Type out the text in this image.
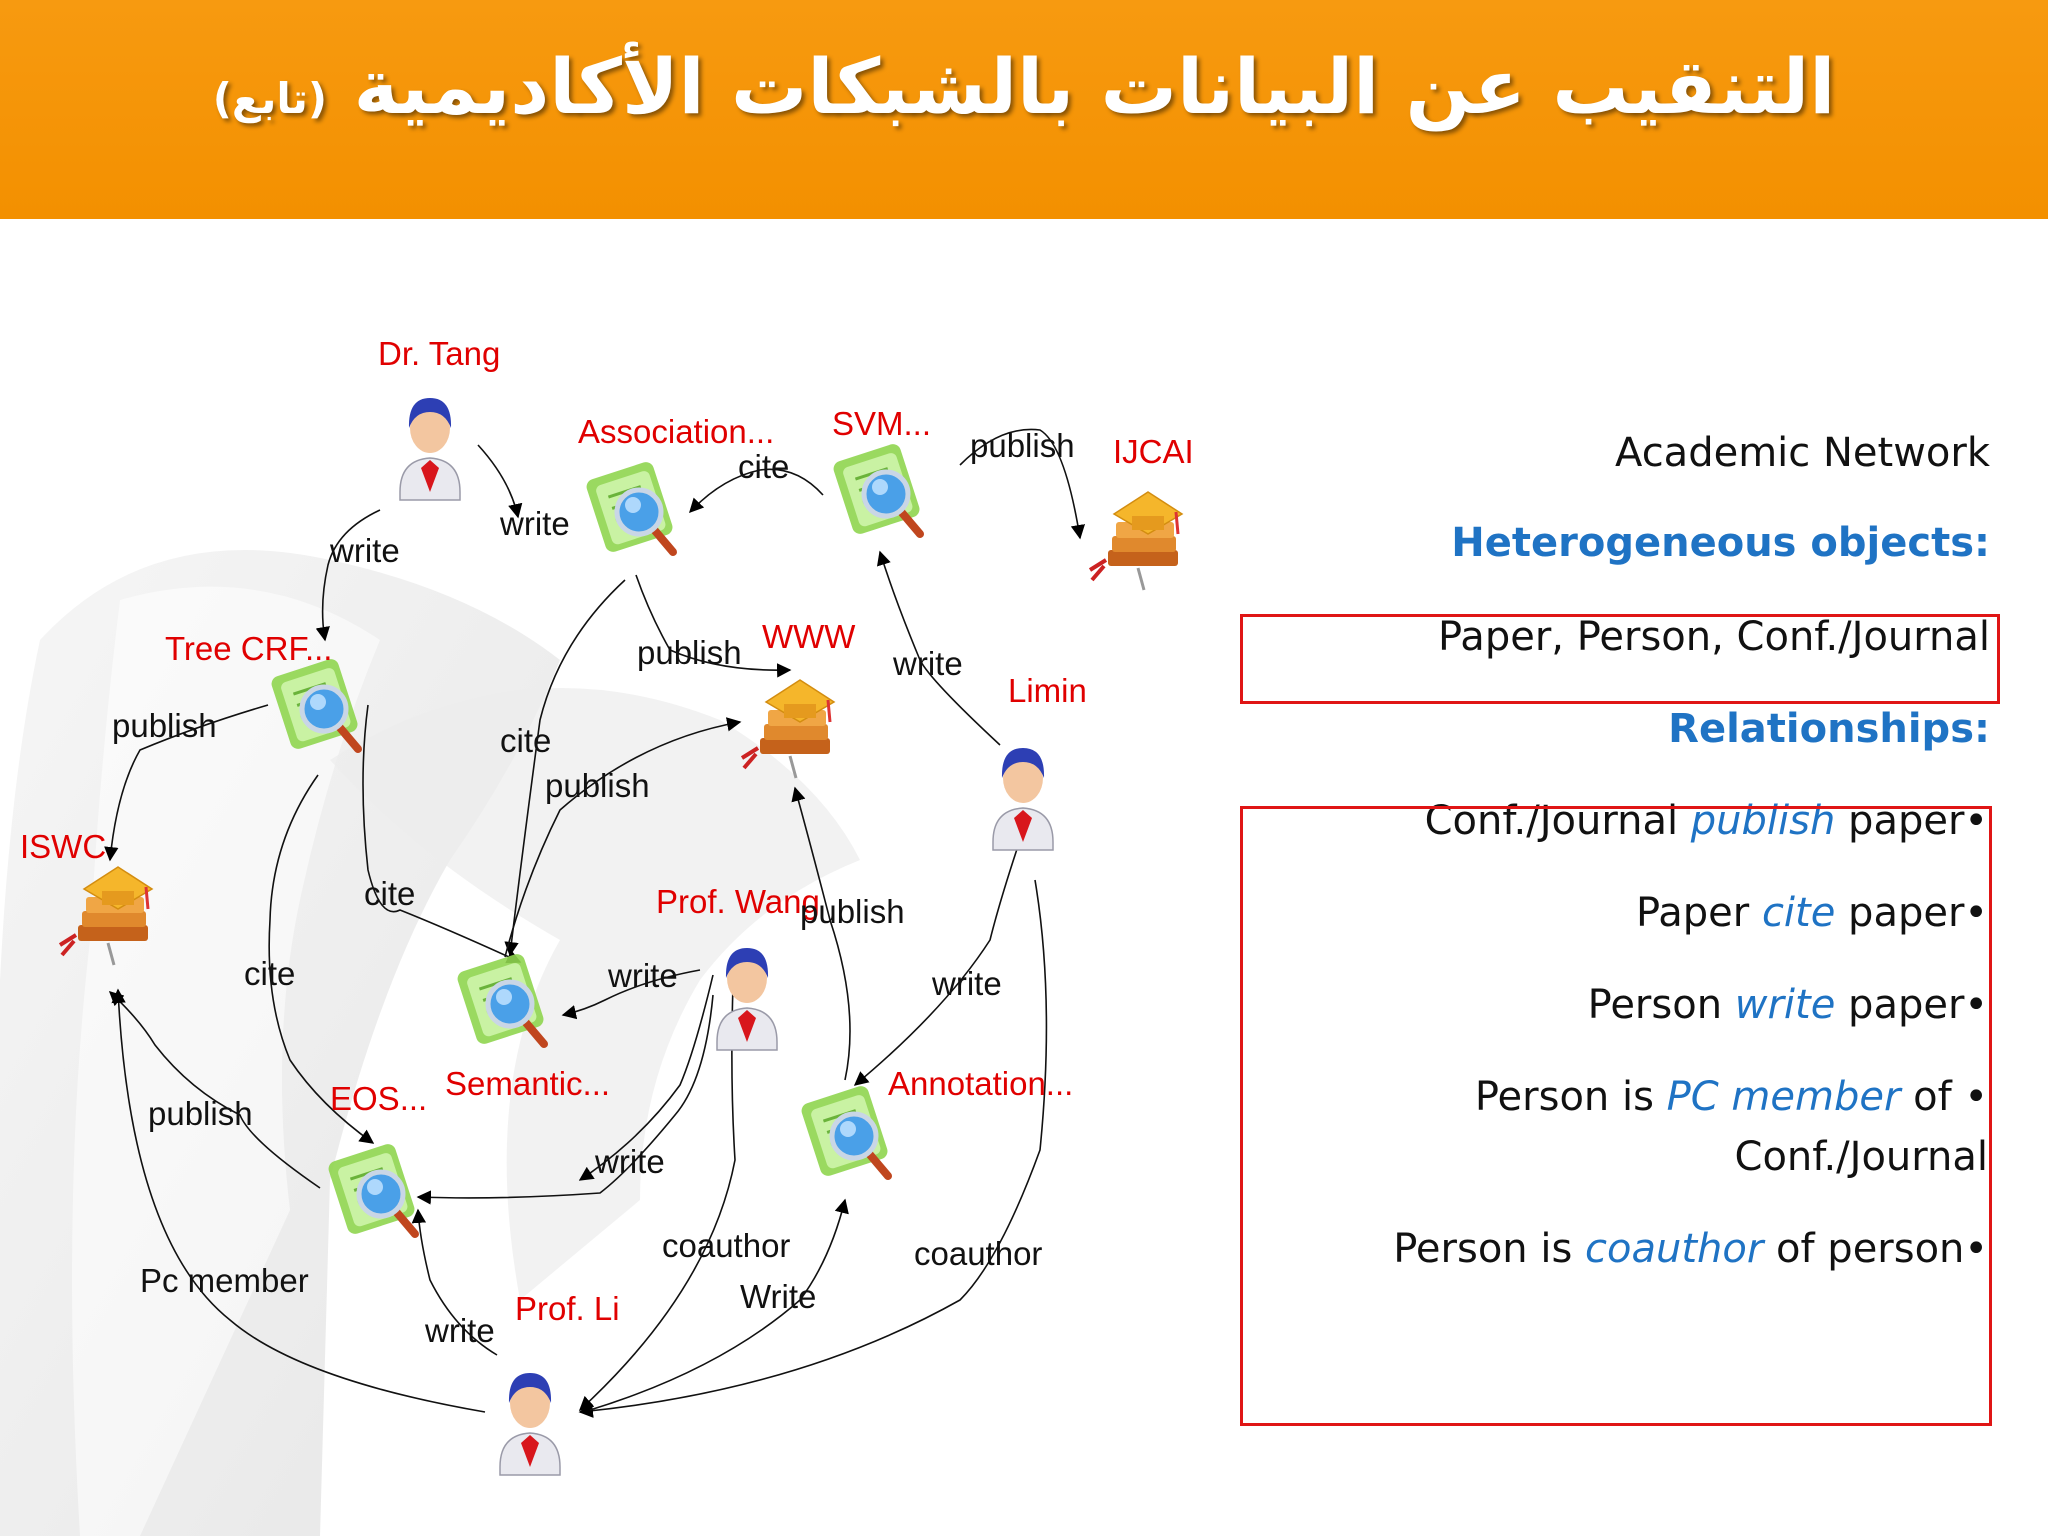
التنقيب عن البيانات بالشبكات الأكاديمية (تابع)
Dr. Tang
Association... SVM...
IJCAI
Tree CRF...	WWW
Limin
ISWC
Prof. Wang
Semantic...
EOS...	Annotation...
Prof. Li
write
write
cite
publish
publish	write
publish	cite
publish
cite	publish
cite	write	write
publish
write
coauthor	coauthor
Pc member
write
Write
Academic Network
Heterogeneous objects:
Paper, Person, Conf./Journal
Relationships:
Conf./Journal publish paper•
Paper cite paper•
Person write paper•
Person is PC member of •
Conf./Journal
Person is coauthor of person•
